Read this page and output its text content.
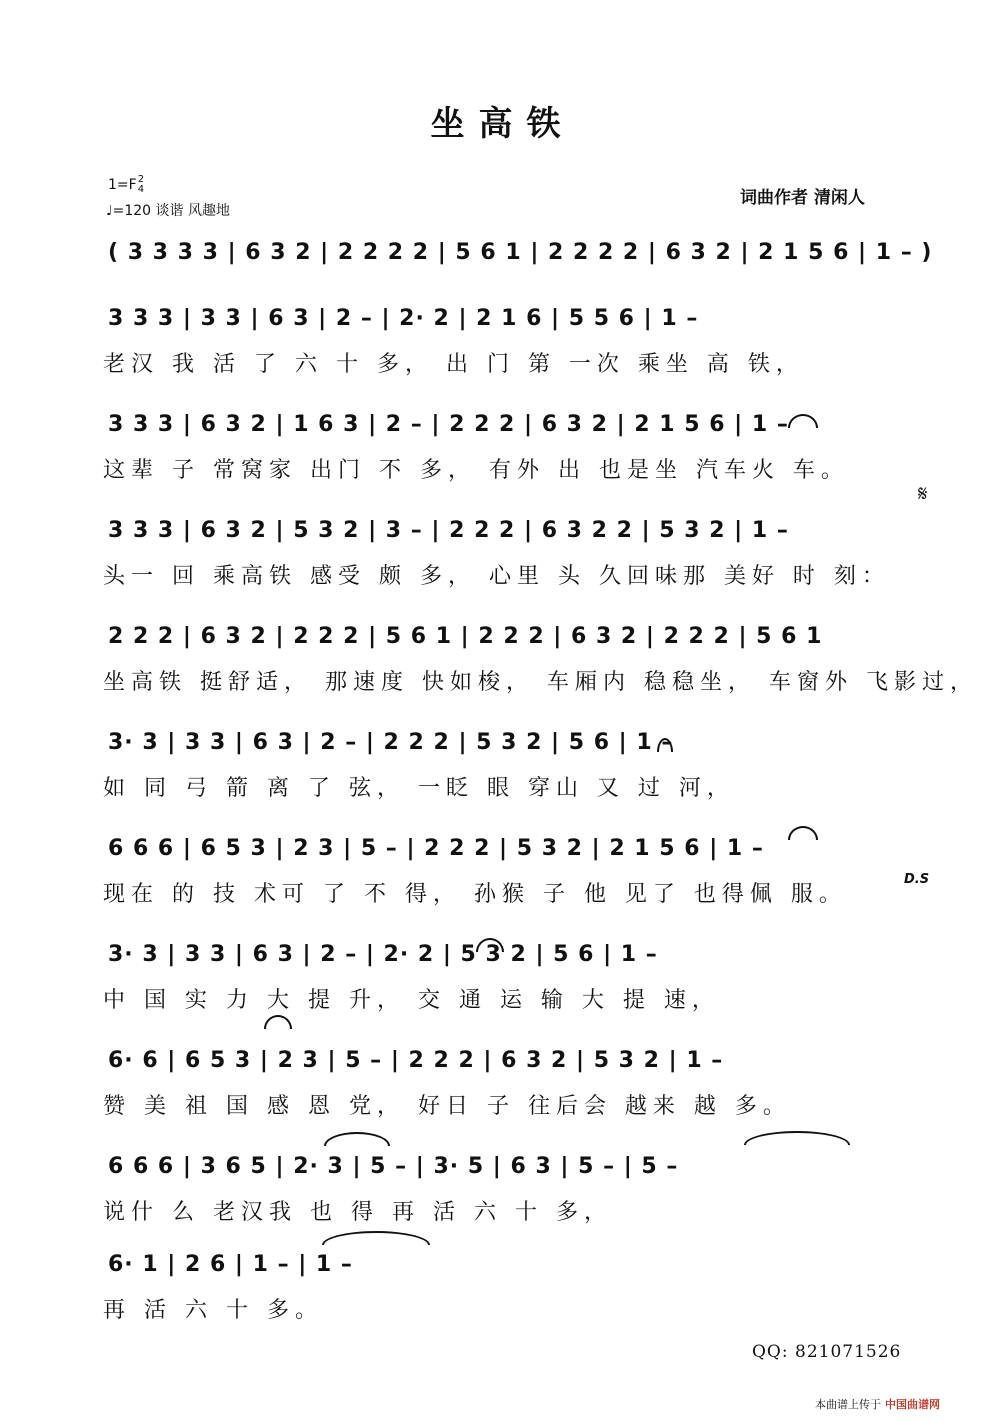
坐高铁
1=F2
4
♩=120 谈谐 风趣地
词曲作者 清闲人
( 3 3 3 3 | 6 3 2 | 2 2 2 2 | 5 6 1 | 2 2 2 2 | 6 3 2 | 2 1 5 6 | 1 – )
3 3 3 | 3 3 | 6 3 | 2 – | 2· 2 | 2 1 6 | 5 5 6 | 1 –
老汉 我 活 了 六 十 多， 出 门 第 一次 乘坐 高 铁，
3 3 3 | 6 3 2 | 1 6 3 | 2 – | 2 2 2 | 6 3 2 | 2 1 5 6 | 1 –
这辈 子 常窝家 出门 不 多， 有外 出 也是坐 汽车火 车。
3 3 3 | 6 3 2 | 5 3 2 | 3 – | 2 2 2 | 6 3 2 2 | 5 3 2 | 1 –
头一 回 乘高铁 感受 颇 多， 心里 头 久回味那 美好 时 刻：
2 2 2 | 6 3 2 | 2 2 2 | 5 6 1 | 2 2 2 | 6 3 2 | 2 2 2 | 5 6 1
坐高铁 挺舒适， 那速度 快如梭， 车厢内 稳稳坐， 车窗外 飞影过，
3· 3 | 3 3 | 6 3 | 2 – | 2 2 2 | 5 3 2 | 5 6 | 1 –
如 同 弓 箭 离 了 弦， 一眨 眼 穿山 又 过 河，
6 6 6 | 6 5 3 | 2 3 | 5 – | 2 2 2 | 5 3 2 | 2 1 5 6 | 1 –
现在 的 技 术可 了 不 得， 孙猴 子 他 见了 也得佩 服。
3· 3 | 3 3 | 6 3 | 2 – | 2· 2 | 5 3 2 | 5 6 | 1 –
中 国 实 力 大 提 升， 交 通 运 输 大 提 速，
6· 6 | 6 5 3 | 2 3 | 5 – | 2 2 2 | 6 3 2 | 5 3 2 | 1 –
赞 美 祖 国 感 恩 党， 好日 子 往后会 越来 越 多。
6 6 6 | 3 6 5 | 2· 3 | 5 – | 3· 5 | 6 3 | 5 – | 5 –
说什 么 老汉我 也 得 再 活 六 十 多，
6· 1 | 2 6 | 1 – | 1 –
再 活 六 十 多。
𝄋
D.S
QQ: 821071526
本曲谱上传于 中国曲谱网
